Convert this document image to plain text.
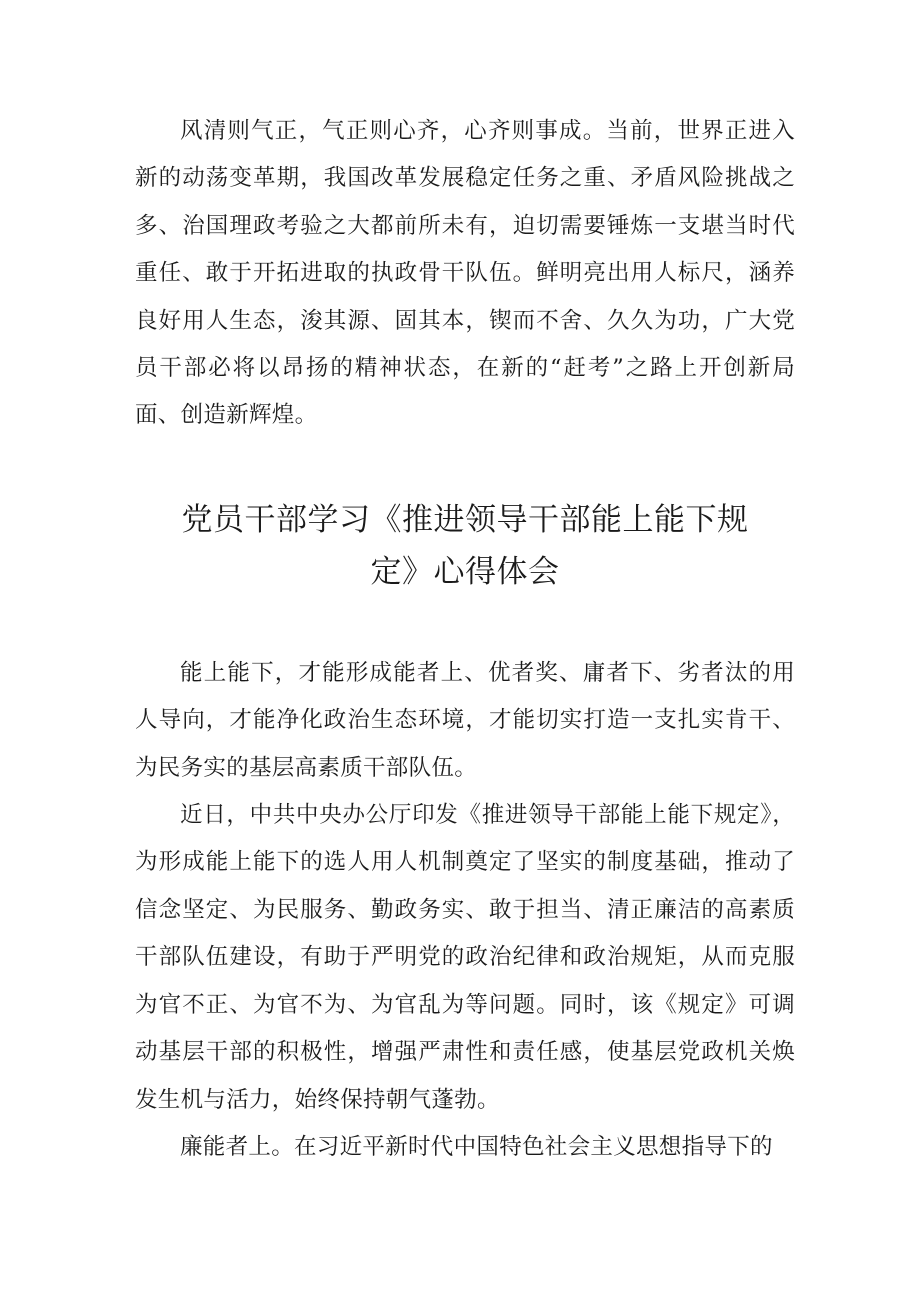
风清则气正，气正则心齐，心齐则事成。当前，世界正进入新的动荡变革期，我国改革发展稳定任务之重、矛盾风险挑战之多、治国理政考验之大都前所未有，迫切需要锤炼一支堪当时代重任、敢于开拓进取的执政骨干队伍。鲜明亮出用人标尺，涵养良好用人生态，浚其源、固其本，锲而不舍、久久为功，广大党员干部必将以昂扬的精神状态，在新的“赶考”之路上开创新局面、创造新辉煌。

党员干部学习《推进领导干部能上能下规
定》心得体会

能上能下，才能形成能者上、优者奖、庸者下、劣者汰的用人导向，才能净化政治生态环境，才能切实打造一支扎实肯干、为民务实的基层高素质干部队伍。

近日，中共中央办公厅印发《推进领导干部能上能下规定》，为形成能上能下的选人用人机制奠定了坚实的制度基础，推动了信念坚定、为民服务、勤政务实、敢于担当、清正廉洁的高素质干部队伍建设，有助于严明党的政治纪律和政治规矩，从而克服为官不正、为官不为、为官乱为等问题。同时，该《规定》可调动基层干部的积极性，增强严肃性和责任感，使基层党政机关焕发生机与活力，始终保持朝气蓬勃。

廉能者上。在习近平新时代中国特色社会主义思想指导下的
